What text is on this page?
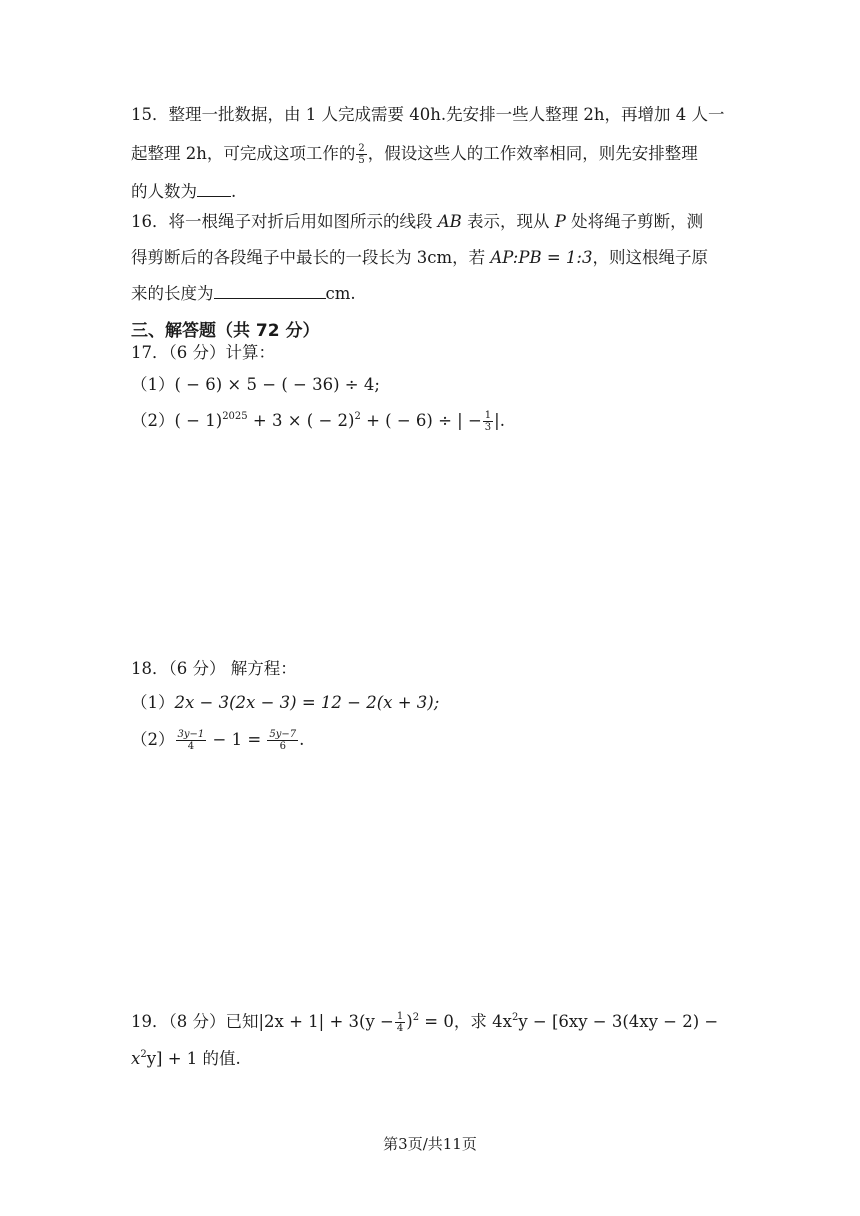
15．整理一批数据，由 1 人完成需要 40h.先安排一些人整理 2h，再增加 4 人一
起整理 2h，可完成这项工作的 $\frac{2}{5}$ ，假设这些人的工作效率相同，则先安排整理
的人数为 .
16．将一根绳子对折后用如图所示的线段 AB 表示，现从 P 处将绳子剪断，测
得剪断后的各段绳子中最长的一段长为 3cm，若 AP:PB = 1:3，则这根绳子原
来的长度为	cm.
三、解答题（共 72 分）
17．（6 分）计算：
（1）( − 6) × 5 − ( − 36) ÷ 4;
$(2)( - 1)^{2025} + 3$ × ( − 2)$^2$ + ( − 6) ÷ | − $\frac{1}{3}$ |.
18．（6 分） 解方程：
（1）2x − 3(2x − 3) = 12 − 2(x + 3);
$(2) \frac{3y-1}{4} - 1 = \frac{5y-7}{6}$ .
19．（8 分）已知$|2x + 1| + 3(y - \frac{1}{4} )^2 = 0$，求 $4x^2y - [6xy - 3(4xy - 2)$ −
$x^2y] + 1$ 的值.
第3页/共11页
